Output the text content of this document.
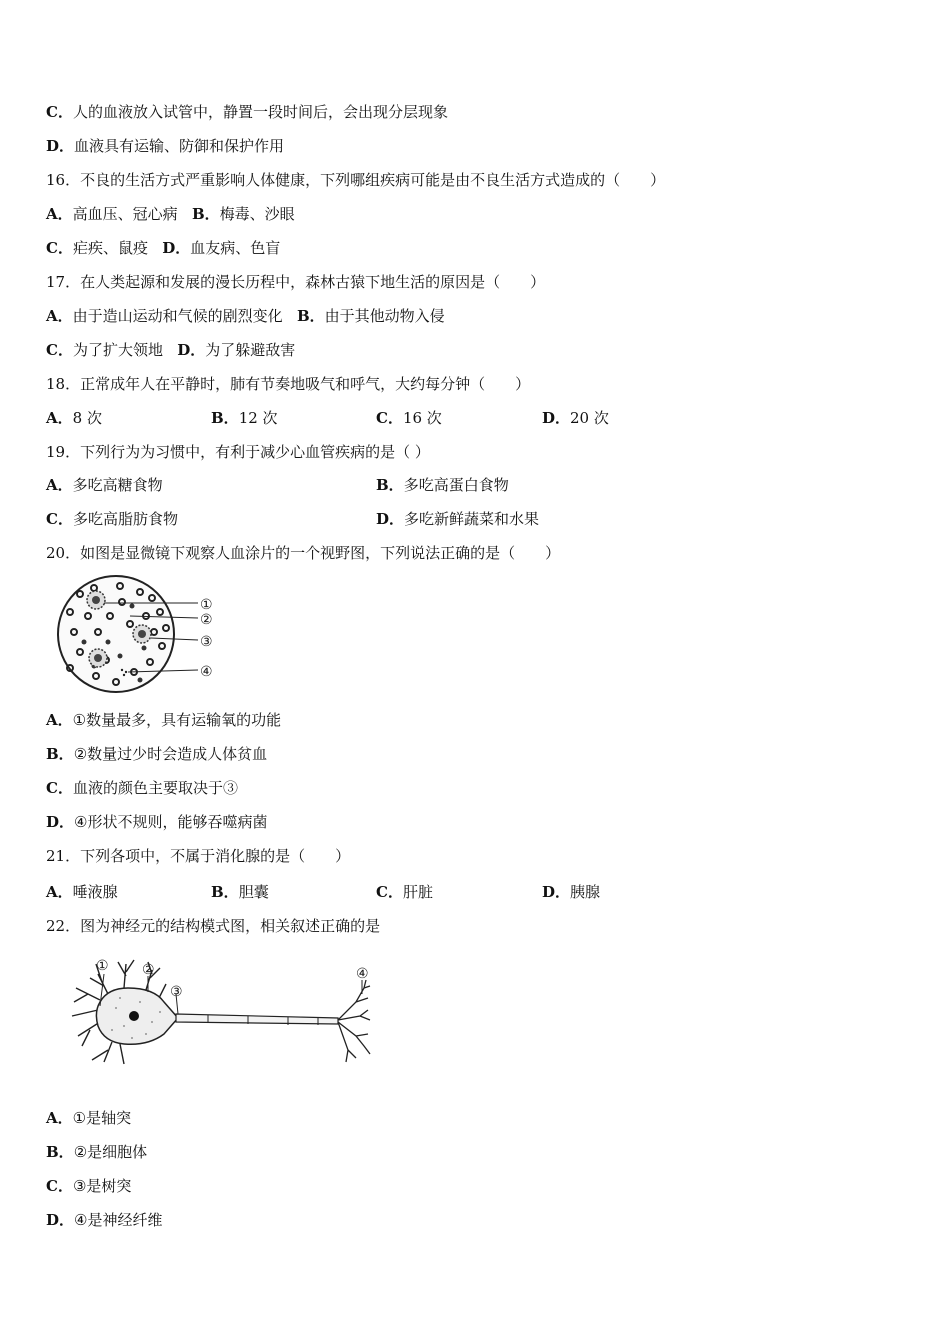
C．人的血液放入试管中，静置一段时间后，会出现分层现象
D．血液具有运输、防御和保护作用
16．不良的生活方式严重影响人体健康，下列哪组疾病可能是由不良生活方式造成的（　　）
A．高血压、冠心病 B．梅毒、沙眼
C．疟疾、鼠疫 D．血友病、色盲
17．在人类起源和发展的漫长历程中，森林古猿下地生活的原因是（　　）
A．由于造山运动和气候的剧烈变化 B．由于其他动物入侵
C．为了扩大领地 D．为了躲避敌害
18．正常成年人在平静时，肺有节奏地吸气和呼气，大约每分钟（　　）
A．8 次	B．12 次	C．16 次	D．20 次
19．下列行为为习惯中，有利于减少心血管疾病的是（ ）
A．多吃高糖食物	B．多吃高蛋白食物
C．多吃高脂肪食物	D．多吃新鲜蔬菜和水果
20．如图是显微镜下观察人血涂片的一个视野图，下列说法正确的是（　　）
①
②
③
④
A．①数量最多，具有运输氧的功能
B．②数量过少时会造成人体贫血
C．血液的颜色主要取决于③
D．④形状不规则，能够吞噬病菌
21．下列各项中，不属于消化腺的是（　　）
A．唾液腺	B．胆囊	C．肝脏	D．胰腺
22．图为神经元的结构模式图，相关叙述正确的是
① ②
③
④
A．①是轴突
B．②是细胞体
C．③是树突
D．④是神经纤维
